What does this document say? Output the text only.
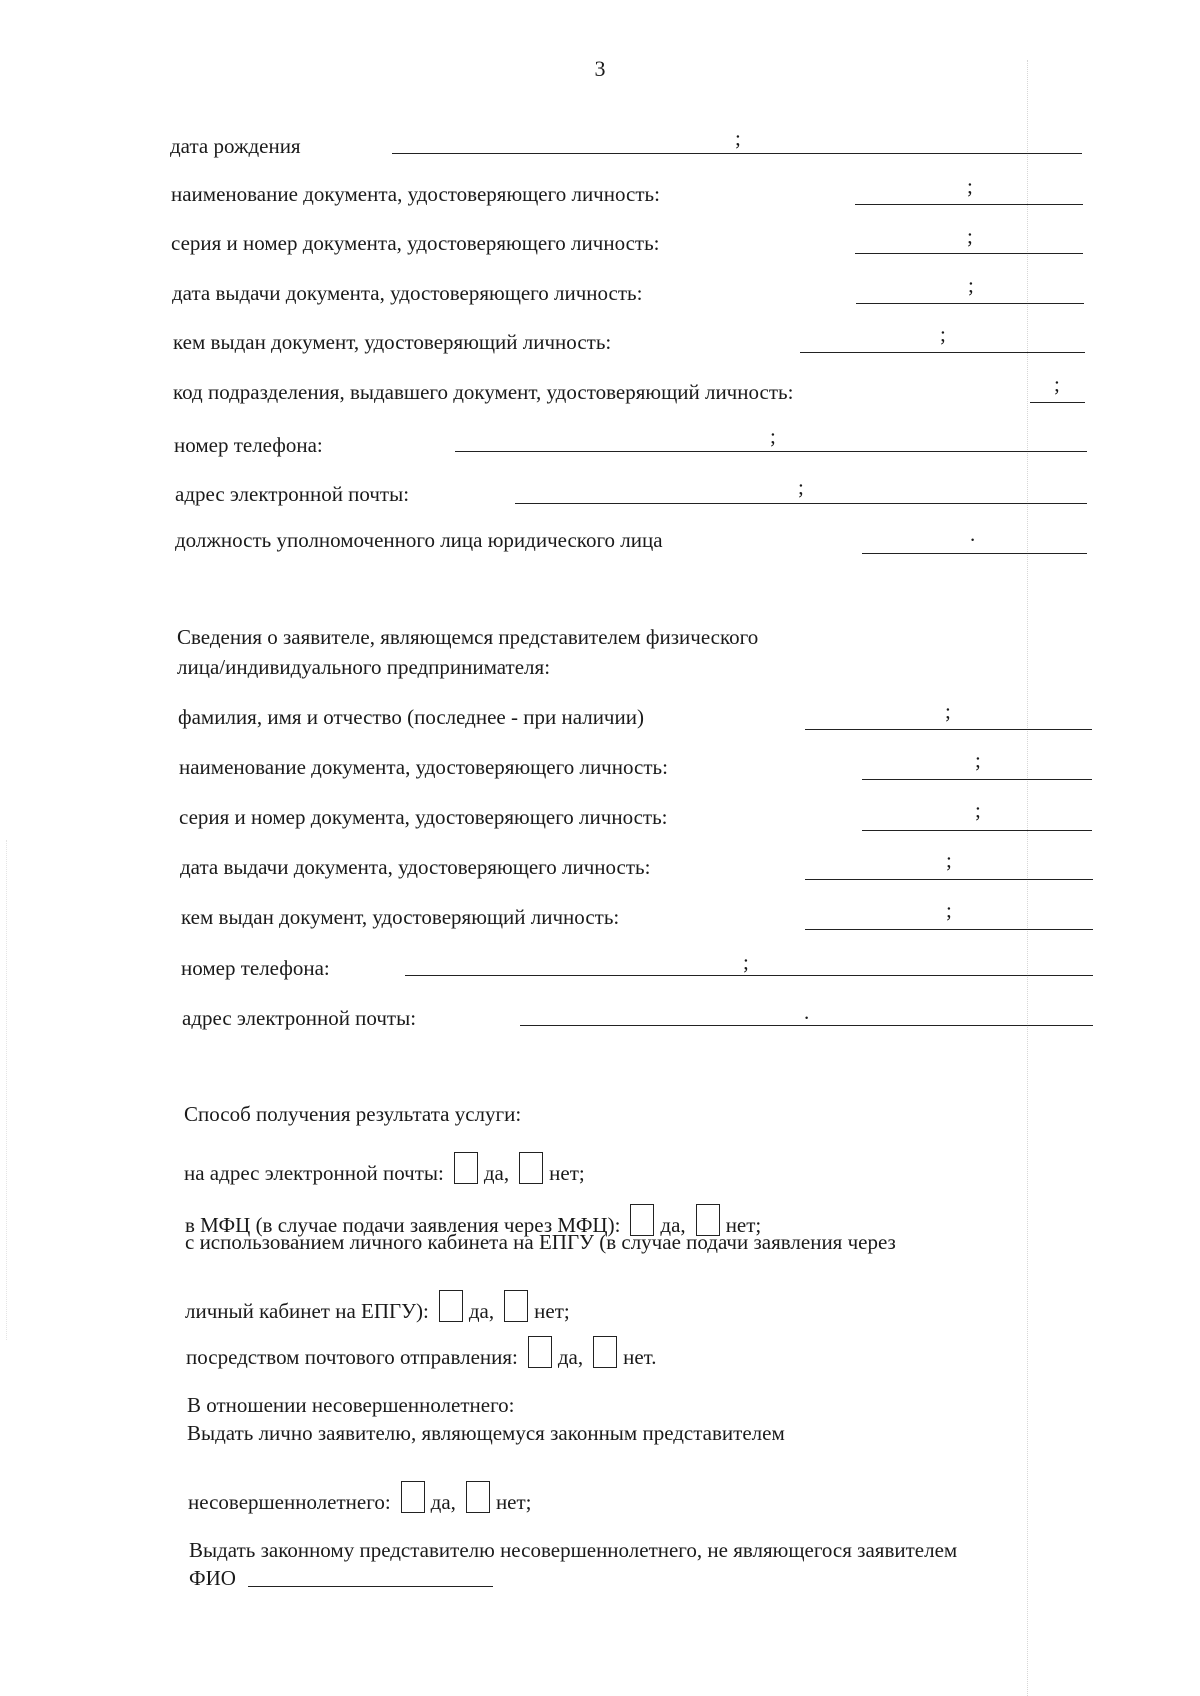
3
дата рождения	;
наименование документа, удостоверяющего личность:	;
серия и номер документа, удостоверяющего личность:	;
дата выдачи документа, удостоверяющего личность:	;
кем выдан документ, удостоверяющий личность:	;
код подразделения, выдавшего документ, удостоверяющий личность:	;
номер телефона:	;
адрес электронной почты:	;
должность уполномоченного лица юридического лица	.
Сведения о заявителе, являющемся представителем физического
лица/индивидуального предпринимателя:
фамилия, имя и отчество (последнее - при наличии)	;
наименование документа, удостоверяющего личность:	;
серия и номер документа, удостоверяющего личность:	;
дата выдачи документа, удостоверяющего личность:	;
кем выдан документ, удостоверяющий личность:	;
номер телефона:	;
адрес электронной почты:	.
Способ получения результата услуги:
на адрес электронной почты: да, нет;
в МФЦ (в случае подачи заявления через МФЦ): да, нет;
с использованием личного кабинета на ЕПГУ (в случае подачи заявления через
личный кабинет на ЕПГУ): да, нет;
посредством почтового отправления: да, нет.
В отношении несовершеннолетнего:
Выдать лично заявителю, являющемуся законным представителем
несовершеннолетнего: да, нет;
Выдать законному представителю несовершеннолетнего, не являющегося заявителем
ФИО
